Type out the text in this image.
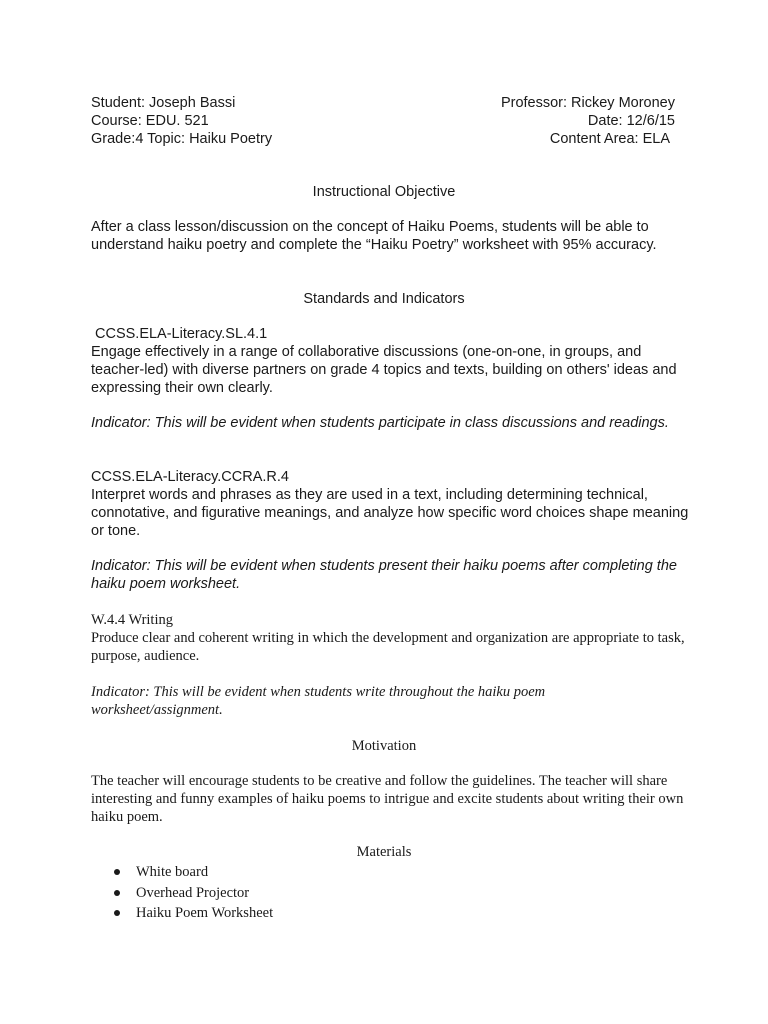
Student: Joseph Bassi
Course: EDU. 521
Grade:4 Topic: Haiku Poetry
Professor: Rickey Moroney
Date: 12/6/15
Content Area: ELA
Instructional Objective

After a class lesson/discussion on the concept of Haiku Poems, students will be able to understand haiku poetry and complete the “Haiku Poetry” worksheet with 95% accuracy.

Standards and Indicators
CCSS.ELA-Literacy.SL.4.1

Engage effectively in a range of collaborative discussions (one-on-one, in groups, and teacher-led) with diverse partners on grade 4 topics and texts, building on others' ideas and expressing their own clearly.

Indicator: This will be evident when students participate in class discussions and readings.

CCSS.ELA-Literacy.CCRA.R.4

Interpret words and phrases as they are used in a text, including determining technical, connotative, and figurative meanings, and analyze how specific word choices shape meaning or tone.

Indicator: This will be evident when students present their haiku poems after completing the haiku poem worksheet.

W.4.4 Writing

Produce clear and coherent writing in which the development and organization are appropriate to task, purpose, audience.

Indicator: This will be evident when students write throughout the haiku poem worksheet/assignment.

Motivation

The teacher will encourage students to be creative and follow the guidelines. The teacher will share interesting and funny examples of haiku poems to intrigue and excite students about writing their own haiku poem.

Materials
White board
Overhead Projector
Haiku Poem Worksheet
